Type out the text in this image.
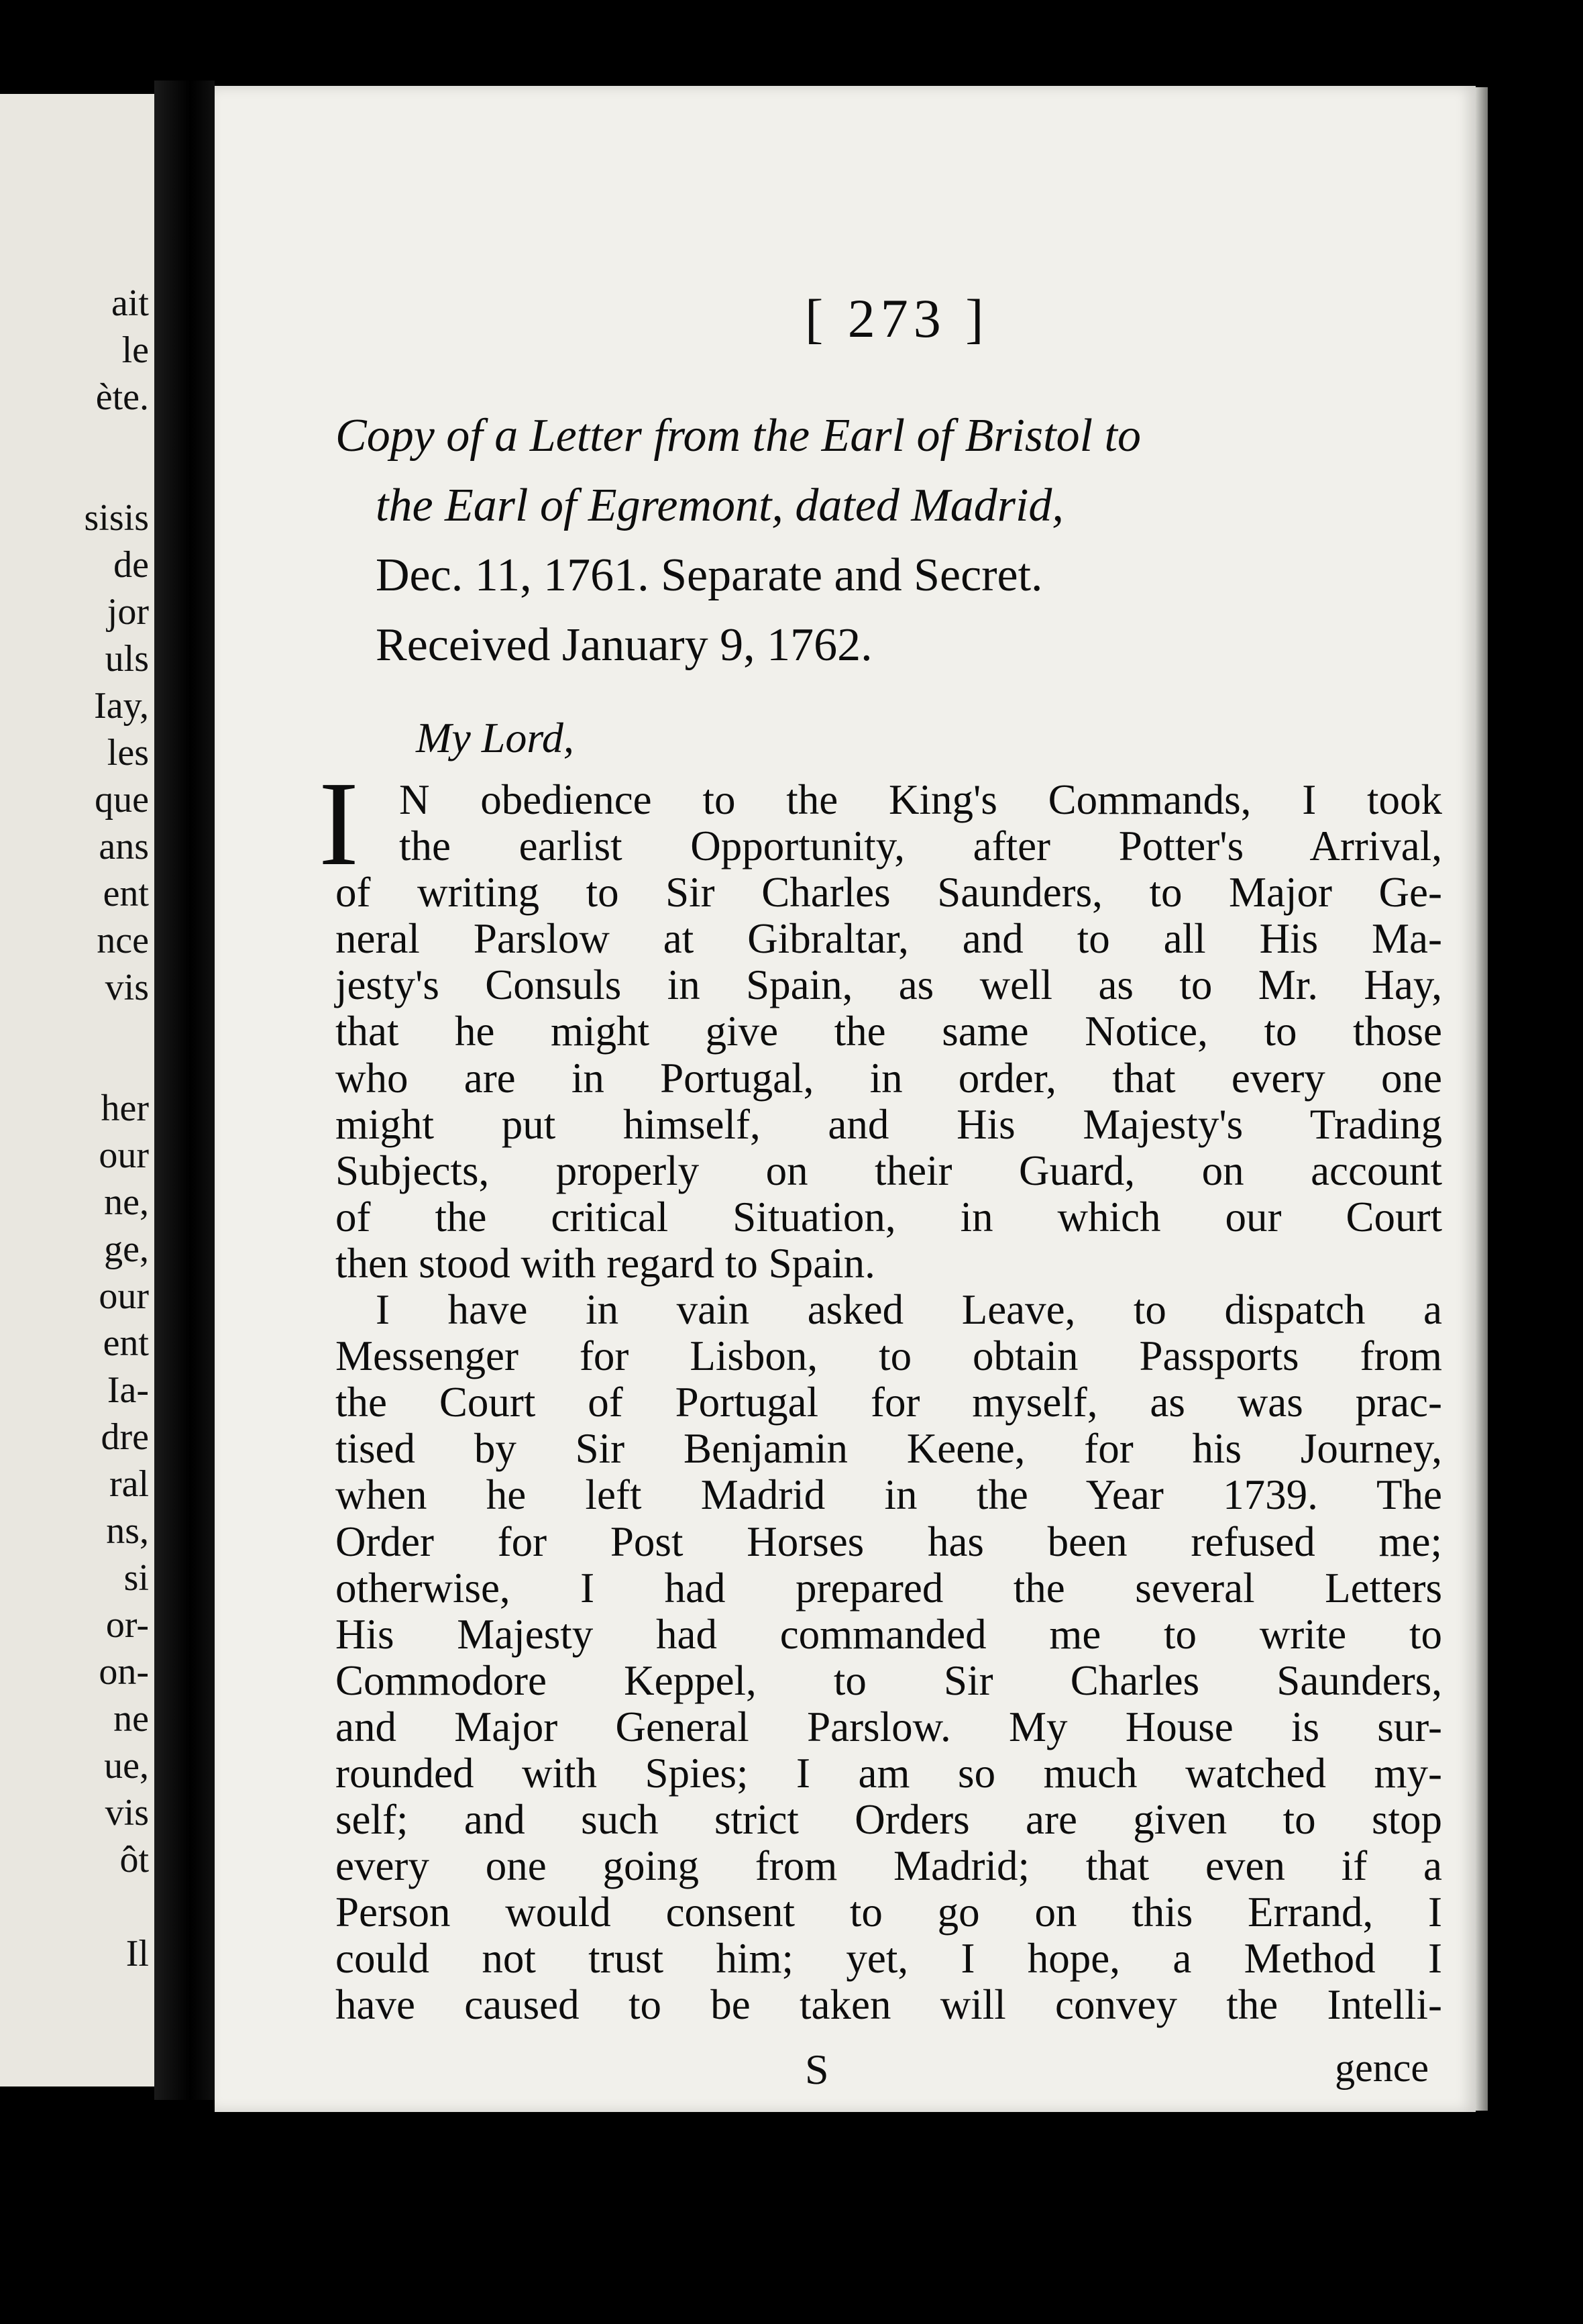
ait
le
ète.
sisis
de
jor
uls
Iay,
les
que
ans
ent
nce
vis
her
our
ne,
ge,
our
ent
Ia-
dre
ral
ns,
si
or-
on-
ne
ue,
vis
ôt
Il
[ 273 ]
Copy of a Letter from the Earl of Bristol to
the Earl of Egremont, dated Madrid,
Dec. 11, 1761. Separate and Secret.
Received January 9, 1762.
My Lord,
I N obedience to the King's Commands, I took
the earlist Opportunity, after Potter's Arrival,
of writing to Sir Charles Saunders, to Major Ge-
neral Parslow at Gibraltar, and to all His Ma-
jesty's Consuls in Spain, as well as to Mr. Hay,
that he might give the same Notice, to those
who are in Portugal, in order, that every one
might put himself, and His Majesty's Trading
Subjects, properly on their Guard, on account
of the critical Situation, in which our Court
then stood with regard to Spain.
I have in vain asked Leave, to dispatch a
Messenger for Lisbon, to obtain Passports from
the Court of Portugal for myself, as was prac-
tised by Sir Benjamin Keene, for his Journey,
when he left Madrid in the Year 1739. The
Order for Post Horses has been refused me;
otherwise, I had prepared the several Letters
His Majesty had commanded me to write to
Commodore Keppel, to Sir Charles Saunders,
and Major General Parslow. My House is sur-
rounded with Spies; I am so much watched my-
self; and such strict Orders are given to stop
every one going from Madrid; that even if a
Person would consent to go on this Errand, I
could not trust him; yet, I hope, a Method I
have caused to be taken will convey the Intelli-
S	gence
